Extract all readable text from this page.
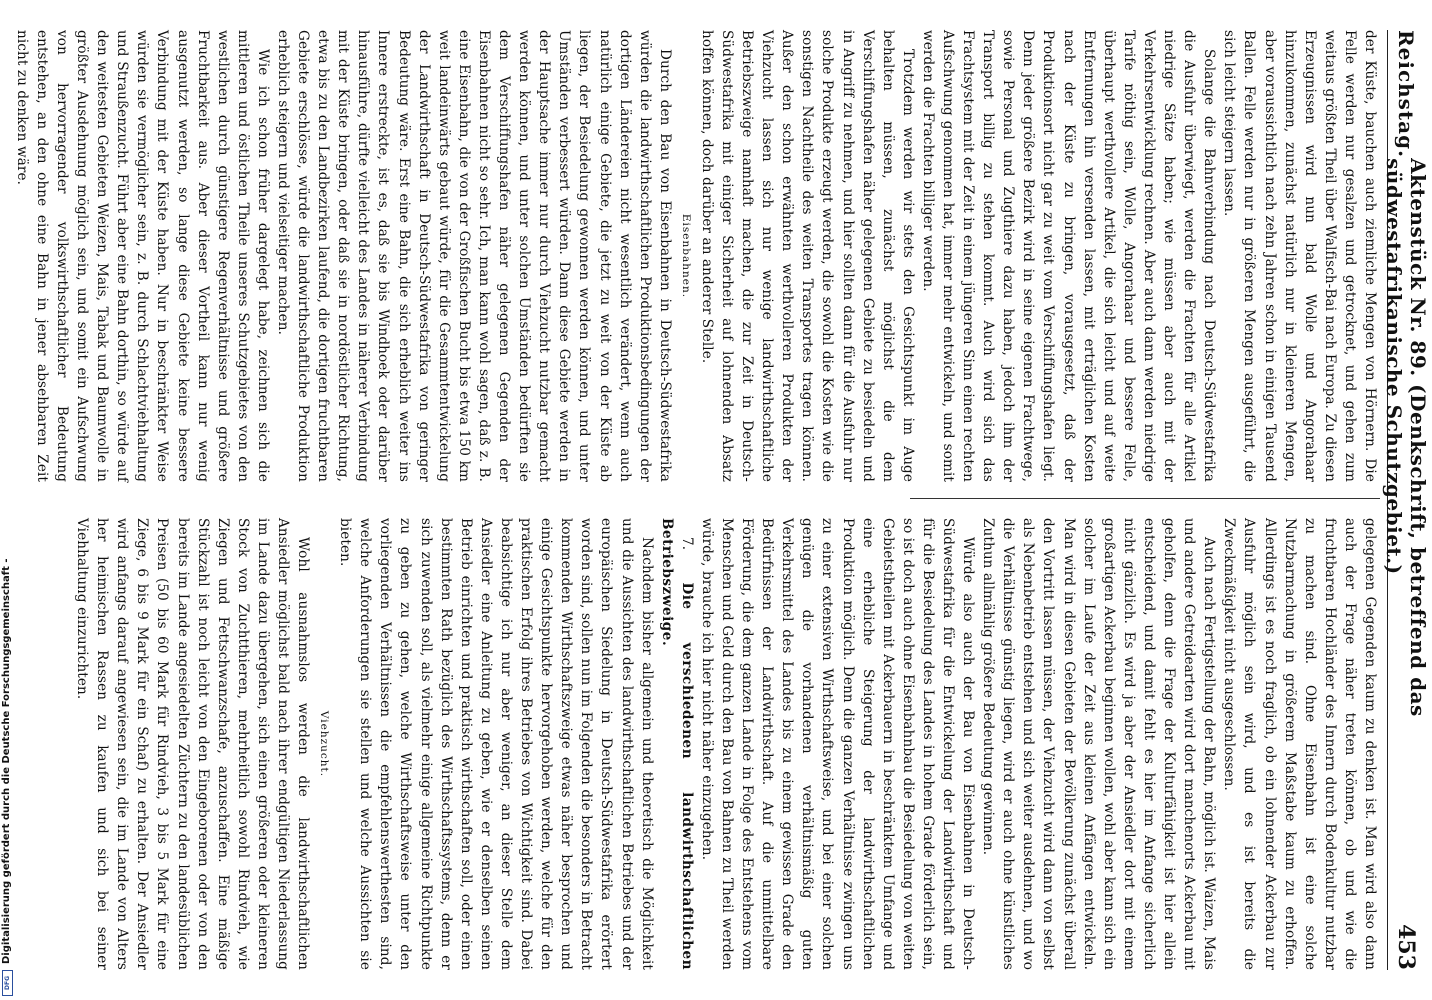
Digitalisierung gefördert durch die Deutsche Forschungsgemeinschaft -
DFG
Reichstag.
Aktenstück Nr. 89. (Denkschrift, betreffend das südwestafrikanische Schutzgebiet.)
453

der Küste, bauchen auch ziemliche Mengen von Hörnern. Die Felle werden nur gesalzen und getrocknet, und gehen zum weitaus größten Theil über Walfisch-Bai nach Europa. Zu diesen Erzeugnissen wird nun bald Wolle und Angorahaar hinzukommen, zunächst natürlich nur in kleineren Mengen, aber voraussichtlich nach zehn Jahren schon in einigen Tausend Ballen. Felle werden nur in größeren Mengen ausgeführt, die sich leicht steigern lassen.

Solange die Bahnverbindung nach Deutsch-Südwestafrika die Ausfuhr überwiegt, werden die Frachten für alle Artikel niedrige Sätze haben; wie müssen aber auch mit der Verkehrsentwicklung rechnen. Aber auch dann werden niedrige Tarife nöthig sein, Wolle, Angorahaar und bessere Felle, überhaupt werthvollere Artikel, die sich leicht und auf weite Entfernungen hin versenden lassen, mit erträglichen Kosten nach der Küste zu bringen, vorausgesetzt, daß der Produktionsort nicht gar zu weit vom Verschiffungshafen liegt. Denn jeder größere Bezirk wird in seine eigenen Frachtwege, sowie Personal und Zugthiere dazu haben, jedoch ihm der Transport billig zu stehen kommt. Auch wird sich das Frachtsystem mit der Zeit in einem jüngeren Sinn einen rechten Aufschwung genommen hat, immer mehr entwickeln, und somit werden die Frachten billiger werden.

Trotzdem werden wir stets den Gesichtspunkt im Auge behalten müssen, zunächst möglichst die dem Verschiffungshafen näher gelegenen Gebiete zu besiedeln und in Angriff zu nehmen, und hier sollten dann für die Ausfuhr nur solche Produkte erzeugt werden, die sowohl die Kosten wie die sonstigen Nachtheile des weiten Transportes tragen können. Außer den schon erwähnten werthvolleren Produkten der Viehzucht lassen sich nur wenige landwirthschaftliche Betriebszweige namhaft machen, die zur Zeit in Deutsch-Südwestafrika mit einiger Sicherheit auf lohnenden Absatz hoffen können, doch darüber an anderer Stelle.

Eisenbahnen.

Durch den Bau von Eisenbahnen in Deutsch-Südwestafrika würden die landwirthschaftlichen Produktionsbedingungen der dortigen Ländereien nicht wesentlich verändert, wenn auch natürlich einige Gebiete, die jetzt zu weit von der Küste ab liegen, der Besiedelung gewonnen werden können, und unter Umständen verbessert würden. Dann diese Gebiete werden in der Hauptsache immer nur durch Viehzucht nutzbar gemacht werden können, und unter solchen Umständen bedürften sie dem Verschiffungshafen näher gelegenen Gegenden der Eisenbahnen nicht so sehr. Ich, man kann wohl sagen, daß z. B. eine Eisenbahn, die von der Großfischen Bucht bis etwa 150 km weit landeinwärts gebaut würde, für die Gesammtentwickelung der Landwirthschaft in Deutsch-Südwestafrika von geringer Bedeutung wäre. Erst eine Bahn, die sich erheblich weiter ins Innere erstreckte, ist es, daß sie bis Windhoek oder darüber hinausführe, dürfte vielleicht des Landes in näherer Verbindung mit der Küste bringen, oder daß sie in nordöstlicher Richtung, etwa bis zu den Landbezirken laufend, die dortigen fruchtbaren Gebiete erschlösse, würde die landwirthschaftliche Produktion erheblich steigern und vielseitiger machen.

Wie ich schon früher dargelegt habe, zeichnen sich die mittleren und östlichen Theile unseres Schutzgebietes von den westlichen durch günstigere Regenverhältnisse und größere Fruchtbarkeit aus. Aber dieser Vortheil kann nur wenig ausgenutzt werden, so lange diese Gebiete keine bessere Verbindung mit der Küste haben. Nur in beschränkter Weise würden sie vermöglicher sein, z. B. durch Schlachtviehhaltung und Straußenzucht. Führt aber eine Bahn dorthin, so würde auf den weitesten Gebieten Weizen, Mais, Tabak und Baumwolle in größter Ausdehnung möglich sein, und somit ein Aufschwung von hervorragender volkswirthschaftlicher Bedeutung entstehen, an den ohne eine Bahn in jener absehbaren Zeit nicht zu denken wäre.

gelegenen Gegenden kaum zu denken ist. Man wird also dann auch der Frage näher treten können, ob und wie die fruchtbaren Hochländer des Innern durch Bodenkultur nutzbar zu machen sind. Ohne Eisenbahn ist eine solche Nutzbarmachung in größerem Maßstabe kaum zu erhoffen. Allerdings ist es noch fraglich, ob ein lohnender Ackerbau zur Ausfuhr möglich sein wird, und es ist bereits die Zweckmäßigkeit nicht ausgeschlossen.

Auch nach Fertigstellung der Bahn, möglich ist. Waizen, Mais und andere Getreidearten wird dort manchenorts Ackerbau mit geholfen, denn die Frage der Kulturfähigkeit ist hier allein entscheidend, und damit fehlt es hier im Anfange sicherlich nicht gänzlich. Es wird ja aber der Ansiedler dort mit einem großartigen Ackerbau beginnen wollen, wohl aber kann sich ein solcher im Laufe der Zeit aus kleinen Anfängen entwickeln. Man wird in diesen Gebieten der Bevölkerung zunächst überall den Vortritt lassen müssen, der Viehzucht wird dann von selbst als Nebenbetrieb entstehen und sich weiter ausdehnen, und wo die Verhältnisse günstig liegen, wird er auch ohne künstliches Zuthun allmählig größere Bedeutung gewinnen.

Würde also auch der Bau von Eisenbahnen in Deutsch-Südwestafrika für die Entwickelung der Landwirthschaft und für die Besiedelung des Landes in hohem Grade förderlich sein, so ist doch auch ohne Eisenbahnbau die Besiedelung von weiten Gebietstheilen mit Ackerbauern in beschränktem Umfange und eine erhebliche Steigerung der landwirthschaftlichen Produktion möglich. Denn die ganzen Verhältnisse zwingen uns zu einer extensiven Wirthschaftsweise, und bei einer solchen genügen die vorhandenen verhältnismäßig guten Verkehrsmittel des Landes bis zu einem gewissen Grade den Bedürfnissen der Landwirthschaft. Auf die unmittelbare Förderung, die dem ganzen Lande in Folge des Entstehens vom Menschen und Geld durch den Bau von Bahnen zu Theil werden würde, brauche ich hier nicht näher einzugehen.

7. Die verschiedenen landwirthschaftlichen Betriebszweige.

Nachdem bisher allgemein und theoretisch die Möglichkeit und die Aussichten des landwirthschaftlichen Betriebes und der europäischen Siedelung in Deutsch-Südwestafrika erörtert worden sind, sollen nun im Folgenden die besonders in Betracht kommenden Wirthschaftszweige etwas näher besprochen und einige Gesichtspunkte hervorgehoben werden, welche für den praktischen Erfolg ihres Betriebes von Wichtigkeit sind. Dabei beabsichtige ich nur aber weniger, an dieser Stelle dem Ansiedler eine Anleitung zu geben, wie er denselben seinen Betrieb einrichten und praktisch wirthschaften soll, oder einen bestimmten Rath bezüglich des Wirthschaftssystems, denn er sich zuwenden soll, als vielmehr einige allgemeine Richtpunkte zu geben zu gehen, welche Wirthschaftsweise unter den vorliegenden Verhältnissen die empfehlenswerthesten sind, welche Anforderungen sie stellen und welche Aussichten sie bieten.

Viehzucht.

Wohl ausnahmslos werden die landwirthschaftlichen Ansiedler möglichst bald nach ihrer endgültigen Niederlassung im Lande dazu übergehen, sich einen größeren oder kleineren Stock von Zuchtthieren, mehrheitlich sowohl Rindvieh, wie Ziegen und Fettschwanzschafe, anzuschaffen. Eine mäßige Stückzahl ist noch leicht von den Eingeborenen oder von den bereits im Lande angesiedelten Züchtern zu den landesüblichen Preisen (50 bis 60 Mark für Rindvieh, 3 bis 5 Mark für eine Ziege, 6 bis 9 Mark für ein Schaf) zu erhalten. Der Ansiedler wird anfangs darauf angewiesen sein, die im Lande von Alters her heimischen Rassen zu kaufen und sich bei seiner Viehhaltung einzurichten.
